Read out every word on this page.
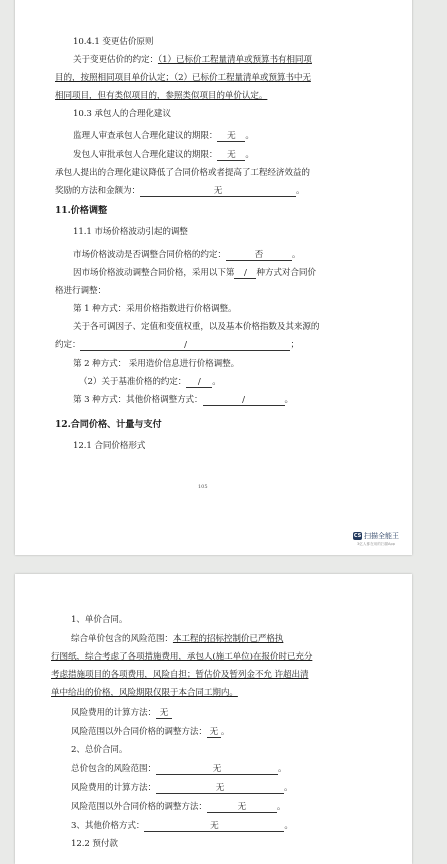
10.4.1 变更估价原则
关于变更估价的约定：（1）已标价工程量清单或预算书有相同项
目的，按照相同项目单价认定；（2）已标价工程量清单或预算书中无
相同项目，但有类似项目的，参照类似项目的单价认定。
10.3 承包人的合理化建议
监理人审查承包人合理化建议的期限： 无 。
发包人审批承包人合理化建议的期限： 无 。
承包人提出的合理化建议降低了合同价格或者提高了工程经济效益的
奖励的方法和金额为：	无	。
11.价格调整
11.1 市场价格波动引起的调整
市场价格波动是否调整合同价格的约定：	否	。
因市场价格波动调整合同价格，采用以下第 / 种方式对合同价
格进行调整：
第 1 种方式：采用价格指数进行价格调整。
关于各可调因子、定值和变值权重，以及基本价格指数及其来源的
约定：	/	；
第 2 种方式： 采用造价信息进行价格调整。
（2）关于基准价格的约定： / 。
第 3 种方式：其他价格调整方式：	/	。
12.合同价格、计量与支付
12.1 合同价格形式
105
CS 扫描全能王
3亿人都在用的扫描App
1、单价合同。
综合单价包含的风险范围：本工程的招标控制价已严格执
行图纸，综合考虑了各项措施费用，承包人(施工单位)在报价时已充分
考虑措施项目的各项费用，风险自担；暂估价及暂列金不允 许超出清
单中给出的价格，风险期限仅限于本合同工期内。
风险费用的计算方法： 无
风险范围以外合同价格的调整方法： 无 。
2、总价合同。
总价包含的风险范围：	无	。
风险费用的计算方法：	无	。
风险范围以外合同价格的调整方法：	无	。
3、其他价格方式：	无	。
12.2 预付款
